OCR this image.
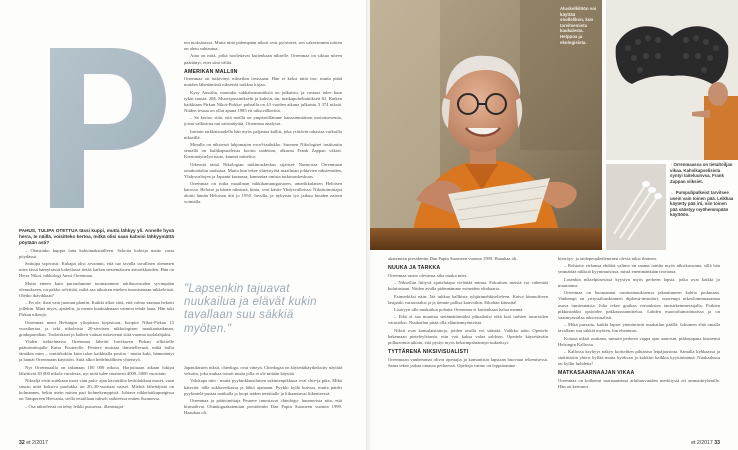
PAHUS, TULIPA OTETTUA tässi kuppi, mutta lähkyy yli. Annelle hyvä herra, te näillä, voisitteko kertoa, mitkä olisi saan kahvisi lähkyymättä pöytään asti?

– Otaisiinko kuppia laita kahvimaksinilleen. Sekoita kahvija maito vasta pöydässä.

Sattuipa sopivasti. Kukapa olisi arvannut, että tuo tavalla tavallisen olemmen mies tässä hämyisässä kahvilassa tietää kaiken nestemäisten astiarikkauden. Hän on Herra Nikoi, nikkologi Anssi Orrenmaa.

Mutta ennen kuin puroudumme tuomaiamme arkihuovuuden syvimpään olemukseen, on pakko selvittää, mikä saa aikuisen miehen innostumaan nikkeloistä. Oletko ikävikkaat?

– En ole, ihan vain juoman plantin. Kaikki alkoi siitä, että valmo saamaa hekotti jollekin. Minä myös, ajattelin, ja menin kuukudenaan vaimon tehdä laata. Hän tuki Pirkan nikeojä.

Orrenmaa meni Helsingin yliopiston kirjastoon, koopiot Nikot-Pirkan 13 vuosikertaa ja teki nikoleista 20-sivuisen nikkologisen maukaattaikman, graduparodian. Tuolaiskiset ja kaiketi vattuat tuttavienat siitä vuonna tuolalahjaksi.

Yhden tutkielmassa Orrenmaa läheitti huvikseen Pirkan silloiselle päätoimittajalle Kaisa Pouterolle. Pentere muistaa ihmetelleensä, mikä hullu tämäkin mies – tonttiikokiin kuin talon kaikkialla positia - mutta kuki, hämmäntyi ja hämäi Orrenmaan käyttöön. Siitä alkoi hedelmällinen yhteistyö.

Nyt Orrenmaalla on takanaan 100 000 nikoia. Harjoituaan aikaan lukijat lähettivät 30 000 nikola vuodessa, nyt niitä tulee tasaisesti 4000–5000 vuositain.

Nikseljä eivät suinkaan tuota vain pulu- ajan kavuttiltta keskilukkaat maset, vaan suurin niitä koksiva puolukka on 20–30-vuotiaat naiset. Miehiä lähettäjistä on kolmannes, hekin usein mitten pari kolmekymppistä. Johtava nikkelaitkupungissa on Tampereen Hervanta, siellä tettaillaan nikseli saihteessa eniten Suomessa.

– Osa nikseleistä on tehty leikki pusuessa, illanistujai-

ten tuoksinassa. Mutta niitä pidempään nikoit ovat pyörineet, sen vakavimmin niitten on aletu suhtautua.

Aina on niitä, jotka noolettavat kuitenkaan nikselle. Orrenmaa on siksaa niteen päättänyt, ettei siitä välitä.

AMERIKAN MALLIIN

Orrenmaa on tutkivinyt nikseihin tosissaan. Hän ei keksi niitä itse, mutta pitää muiden lähettämistä nikseistä tarkkaa kirjaa.

Kysy Anssilta, montako sukkahousuniiksiä on julkaistu, ja vastaus tulee kuin tykin suusta: 286. Muovipussinikselit ja kahvin, tin, maikapuhelininikseit 82. Kaiken kaikkiaan Pirkan Nikot-Pirkka- palstalla on 43 vuoden aikana julkaistu 3 374 niksiä. Niiden tessua on ollut apuna 1985 ett niksivälkerittä.

– Se kertoo siitä, että meillä on ympäröillännne kansainmiäisen moiraisesemia, joista valkoarua nui saisinätyttiä, Orrenmaa analysoi.

Inrtiain tarkkaisuudella hän myös paljastaa kalliit, joka yrittävät rahastaa varkotlla nikseillä.

Minulla on niksiestä lahjomaton excel-taulukko. Suomen Nikologiset instituutin sentällä on kaihkapuseleista koottu taidetton, alkurna Frank Zappan väkset. Kiertonäyttelyn tuote, kannsä mittelice.

Oikeastä tämä Nikologian tutkimuskeskus sijaitsee Nurmossa Orrenmaan omakotitalon rauhassa. Mutta kun tekee yhteistyötä maailman johtavien niksiemiden, Yhdysvaltojen ja Japanin karanssa, kannattaa omista tutkimuskeskuus.

Orrenmaa on tutka maailman nikkikamuntgartaren, amerikkalaisen Heloisen karossa. Heloise ja hänen niksinsä, hinta, ovat käsite Yhdysvalloissa. Niksitoimittajat aloitti lämän Heloisen äiti jo 1950 -luvulla, ja nykyisin työ jatkuu kuuden naisen voimalla.

"Lapsenkin tajuavat nuukailua ja elävät kukin tavallaan suu säkkiä myöten."

Japanilaisten niksit, chiedoga, ovat vineyä. Chiedogaa on käytettäkäytkeksitty näyttää vekotin, joka mukaa toimii mutta jolla ei ole mitään käyttöä.

Valokapa niin - mutta pyykinklausilutten sukintenpikkusa ovat chie-ja pika. Mikä kätevää: tälle sukkaverkassa ja lähtö ajamaan. Pyykki kyllä kuivuu, mutta paidet pyykintelä pustaa matkalla ja luopi teiden terniitalle ja liikaantuvat liikenteessä.

Orrenmaa ja päätoimittaja Peurere innostavat chindogu- huumorista niin, että kirmailivat Chindoguakatemian presidentin Dan Papin Suomeen vuonna 1999. Haaukaa oli.

32 et 2/2017
Aluskelkilöön voi käyttää soollelikon, kun tarvitsemista kaukalesta. Helppoa ja ekologisista.
↑ Orrenmaassa on tietaltoiljan vikaa. Kahvikapselisista syntyi taiteluunvsa, Frank Zappan viiksiet.
← Pumpulipulkeist tarvitsee usein vain toinen pää. Leikkaa käytetty pää irti, niin toinen pää säästyy myöhemmpään käyttöön.

akatemian presidentin Dan Papin Suomeen vuonna 1999. Haaukaa oli.

NUUKA JA TARKKA

Orrenmaa sanoo olevansa aika nuuka mies.

– Nikseihin liittyvä ajattelutapa vielättää minua. Fokuiisen meistä voi vähentää kulutustaan. Niiden avulla pidennämme esineiden elinkaarta.

Esimerkiksi näin: Jää tuhkaa kallbiste tyhjärimehkiselieleen. Katva kimuufiteen lasipailo varastoiaksi ja ja tiennie pallisa kauvoihin. Eikohän kätnaita!

Lisaryyn ulle nuukailun pohatta Orrenmaa ei kuitenkaan halua mennä.

– Eikä ei saa muuttua sietämättömäksi pihtailuksi eikä koti turhien tavaroiden varastoksi. Nuukailun pitää olla elämänmyönteistä.

Niksit ovat kansalaistaitoja, joiden avulla voi säästää. Valikka näin: Opettele hakemaan pieteleylotanta, niin voit kaksa valaa saldoon. Opettele käytettäväin polkueomia aikoin, että pystyt myös keksimpiönännyn-uukieksyt.

TYTTÄRENÄ NIKSIVISUALISTI

Orrenmaan vanhemmat olivat opettajia ja kansanistat lapsiaan huovaan tekemisessä. Sama tekee jaikaa omassa perheessä. Opettaja vaimo on lopputomine

kierräys- ja taidepeopkeileminen olevia niksi ilminen.

– Rohtotte virkansa ehdiitä valimo on saanut toinita myös niksikavunna, sillä hän ymmärtää nikksiä kyynimuisissa, mistä enemmänkään teoriassa.

Lasenkin nikselpitsesissä kyystyn myös perheen lapsia, jotka ovat kaikki jo muuttanea.

Orrenmaa on huomannut orminainuuksiensa jakauttuneen kahtia poikmaan. Vanhempi on yritystalouskininen diplomi-insinööri, nuorempi nikeolommuasumaa asuva tumiesnaista. Joka tekee graikaa vertauksien tautsirkeinmeraijalla. Poikien pikkusinkku optioidee pakkausuunnittelua. Lahden muotoiluinstituutissa ja on vaaimyassalaa niksivisualisti.

– Mikä pursaita, kaikki lapset ymmärtävät nuukailun päällä: Ioksanen elää omalla tavallaan suu säkkiä myöten, hin ehentmas.

Kotona niksit osattaan, samoin perheen vappa ajan aaarosin, pikkutapana kisinensä Helsingin Kallossa.

– Kallossa ksyhyys näkyy kortteltien pihtanisa leipäjousinta. Samalla kyhkaassa ja sinkittäriin yhteis kyllää mutta kyökvan ja kokkiin kaikkia kyyttärinämä. Nuukailussa on kyllin hohdetta!

MATKASAARNAAJAN VIKAA

Orrenmaa on kulkenut saarnaamassa arkihuovuuden merkitystä eri ammattiryhmille. Hän on kertonut

et 2/2017 33
